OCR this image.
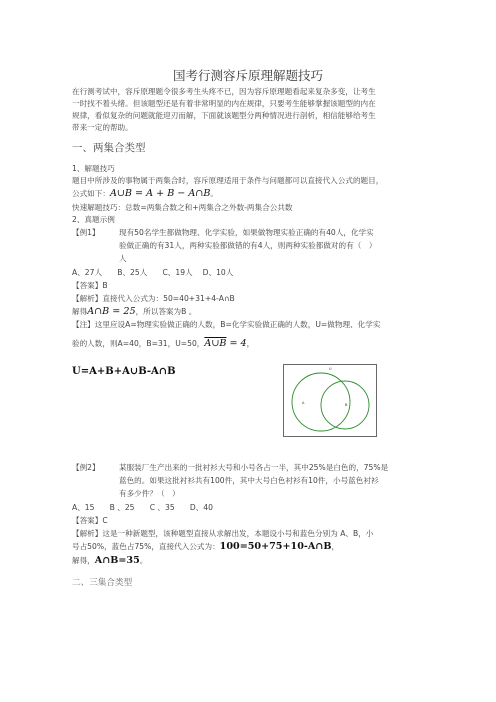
国考行测容斥原理解题技巧
在行测考试中，容斥原理题令很多考生头疼不已，因为容斥原理题看起来复杂多变，让考生
一时找不着头绪。但该题型还是有着非常明显的内在规律，只要考生能够掌握该题型的内在
规律，看似复杂的问题就能迎刃而解，下面就该题型分两种情况进行剖析，相信能够给考生
带来一定的帮助。
一、两集合类型
1、解题技巧
题目中所涉及的事物属于两集合时，容斥原理适用于条件与问题都可以直接代入公式的题目，
公式如下：A∪B = A + B − A∩B。
快速解题技巧：总数=两集合数之和+两集合之外数-两集合公共数
2、真题示例
【例1】	现有50名学生都做物理、化学实验，如果做物理实验正确的有40人，化学实
验做正确的有31人，两种实验都做错的有4人，则两种实验都做对的有（　）
人
A、27人　　B、25人　　C、19人　 D、10人
【答案】B
【解析】直接代入公式为：50=40+31+4-A∩B
解得A∩B = 25，所以答案为B 。
【注】这里应设A=物理实验做正确的人数，B=化学实验做正确的人数，U=做物理、化学实
验的人数，则A=40，B=31，U=50，A∪B = 4，
U=A+B+A∪B-A∩B	U
A	B
【例2】	某服装厂生产出来的一批衬衫大号和小号各占一半，其中25%是白色的，75%是
蓝色的。如果这批衬衫共有100件，其中大号白色衬衫有10件，小号蓝色衬衫
有多少件？（　）
A、15　　B 、25　　C 、35　　D、40
【答案】C
【解析】这是一种新题型，该种题型直接从求解出发，本题设小号和蓝色分别为 A、B，小
号占50%，蓝色占75%，直接代入公式为：100=50+75+10-A∩B，
解得，A∩B=35。
二、三集合类型
